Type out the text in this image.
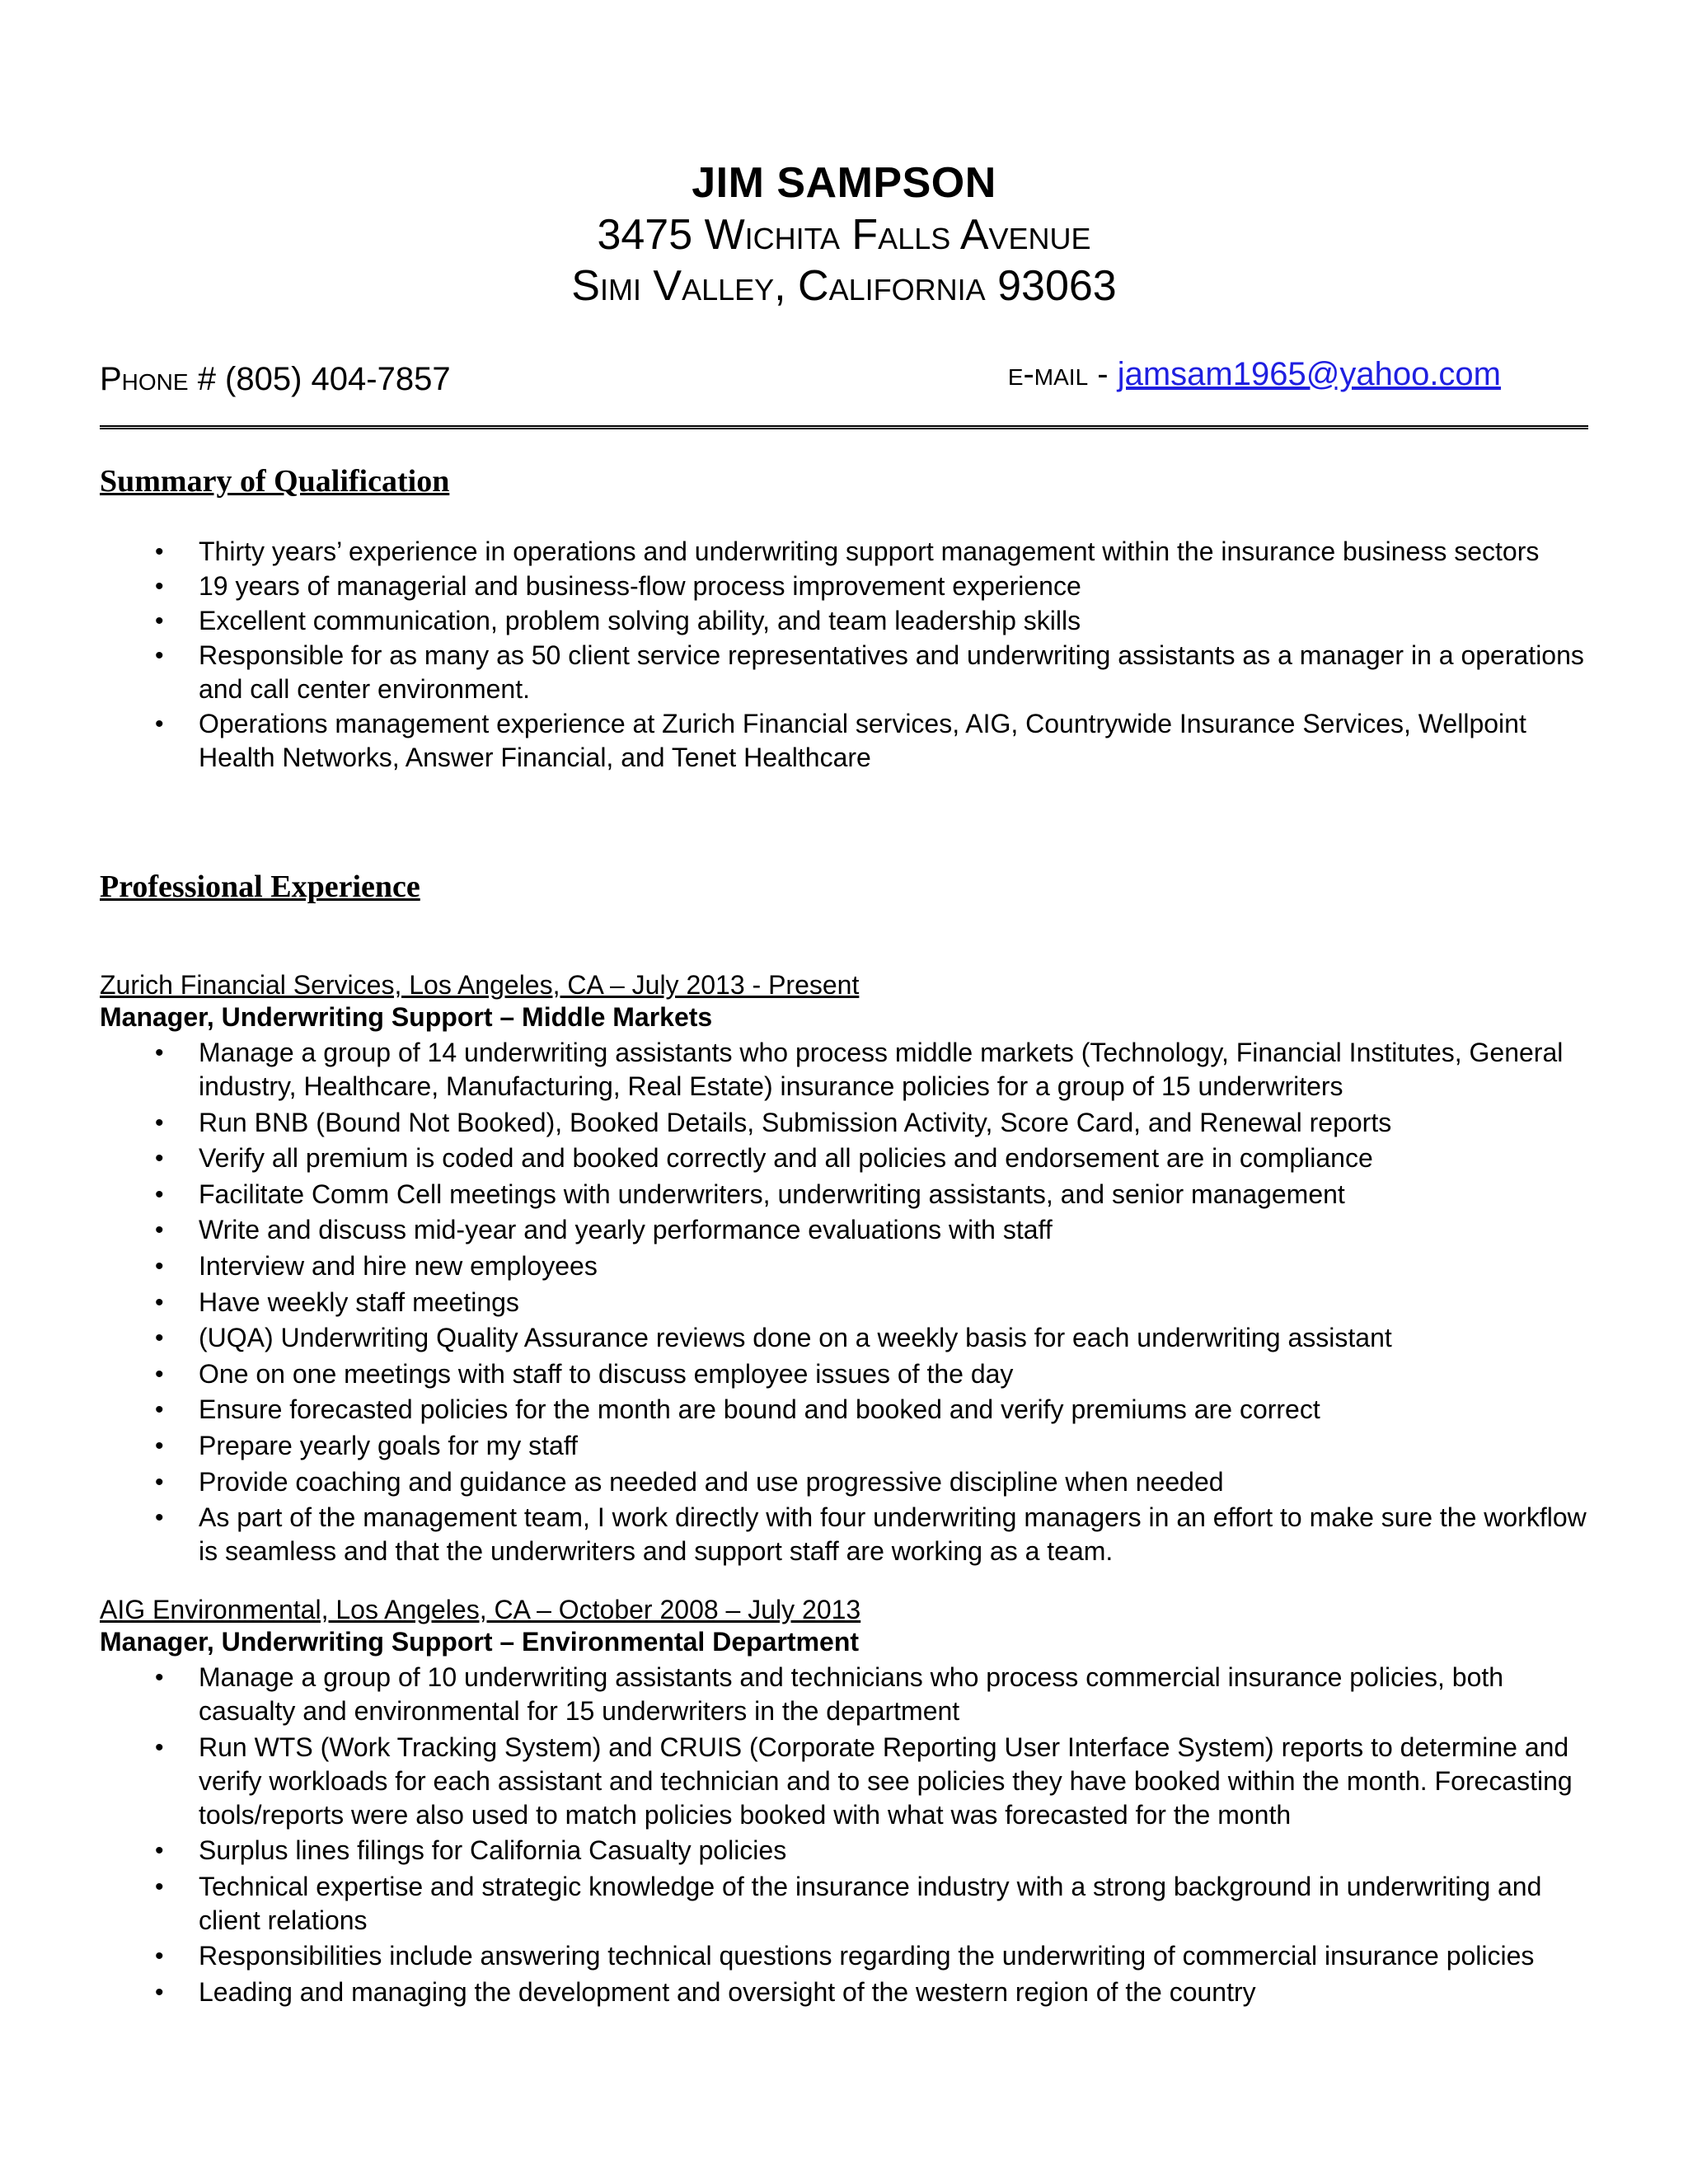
JIM SAMPSON
3475 Wichita Falls Avenue
Simi Valley, California 93063
Phone # (805) 404-7857	e-mail - jamsam1965@yahoo.com
Summary of Qualification
• Thirty years’ experience in operations and underwriting support management within the insurance business sectors
• 19 years of managerial and business-flow process improvement experience
• Excellent communication, problem solving ability, and team leadership skills
• Responsible for as many as 50 client service representatives and underwriting assistants as a manager in a operations and call center environment.
• Operations management experience at Zurich Financial services, AIG, Countrywide Insurance Services, Wellpoint Health Networks, Answer Financial, and Tenet Healthcare
Professional Experience
Zurich Financial Services, Los Angeles, CA – July 2013 - Present
Manager, Underwriting Support – Middle Markets
• Manage a group of 14 underwriting assistants who process middle markets (Technology, Financial Institutes, General industry, Healthcare, Manufacturing, Real Estate) insurance policies for a group of 15 underwriters
• Run BNB (Bound Not Booked), Booked Details, Submission Activity, Score Card, and Renewal reports
• Verify all premium is coded and booked correctly and all policies and endorsement are in compliance
• Facilitate Comm Cell meetings with underwriters, underwriting assistants, and senior management
• Write and discuss mid-year and yearly performance evaluations with staff
• Interview and hire new employees
• Have weekly staff meetings
• (UQA) Underwriting Quality Assurance reviews done on a weekly basis for each underwriting assistant
• One on one meetings with staff to discuss employee issues of the day
• Ensure forecasted policies for the month are bound and booked and verify premiums are correct
• Prepare yearly goals for my staff
• Provide coaching and guidance as needed and use progressive discipline when needed
• As part of the management team, I work directly with four underwriting managers in an effort to make sure the workflow is seamless and that the underwriters and support staff are working as a team.
AIG Environmental, Los Angeles, CA – October 2008 – July 2013
Manager, Underwriting Support – Environmental Department
• Manage a group of 10 underwriting assistants and technicians who process commercial insurance policies, both casualty and environmental for 15 underwriters in the department
• Run WTS (Work Tracking System) and CRUIS (Corporate Reporting User Interface System) reports to determine and verify workloads for each assistant and technician and to see policies they have booked within the month. Forecasting tools/reports were also used to match policies booked with what was forecasted for the month
• Surplus lines filings for California Casualty policies
• Technical expertise and strategic knowledge of the insurance industry with a strong background in underwriting and client relations
• Responsibilities include answering technical questions regarding the underwriting of commercial insurance policies
• Leading and managing the development and oversight of the western region of the country
